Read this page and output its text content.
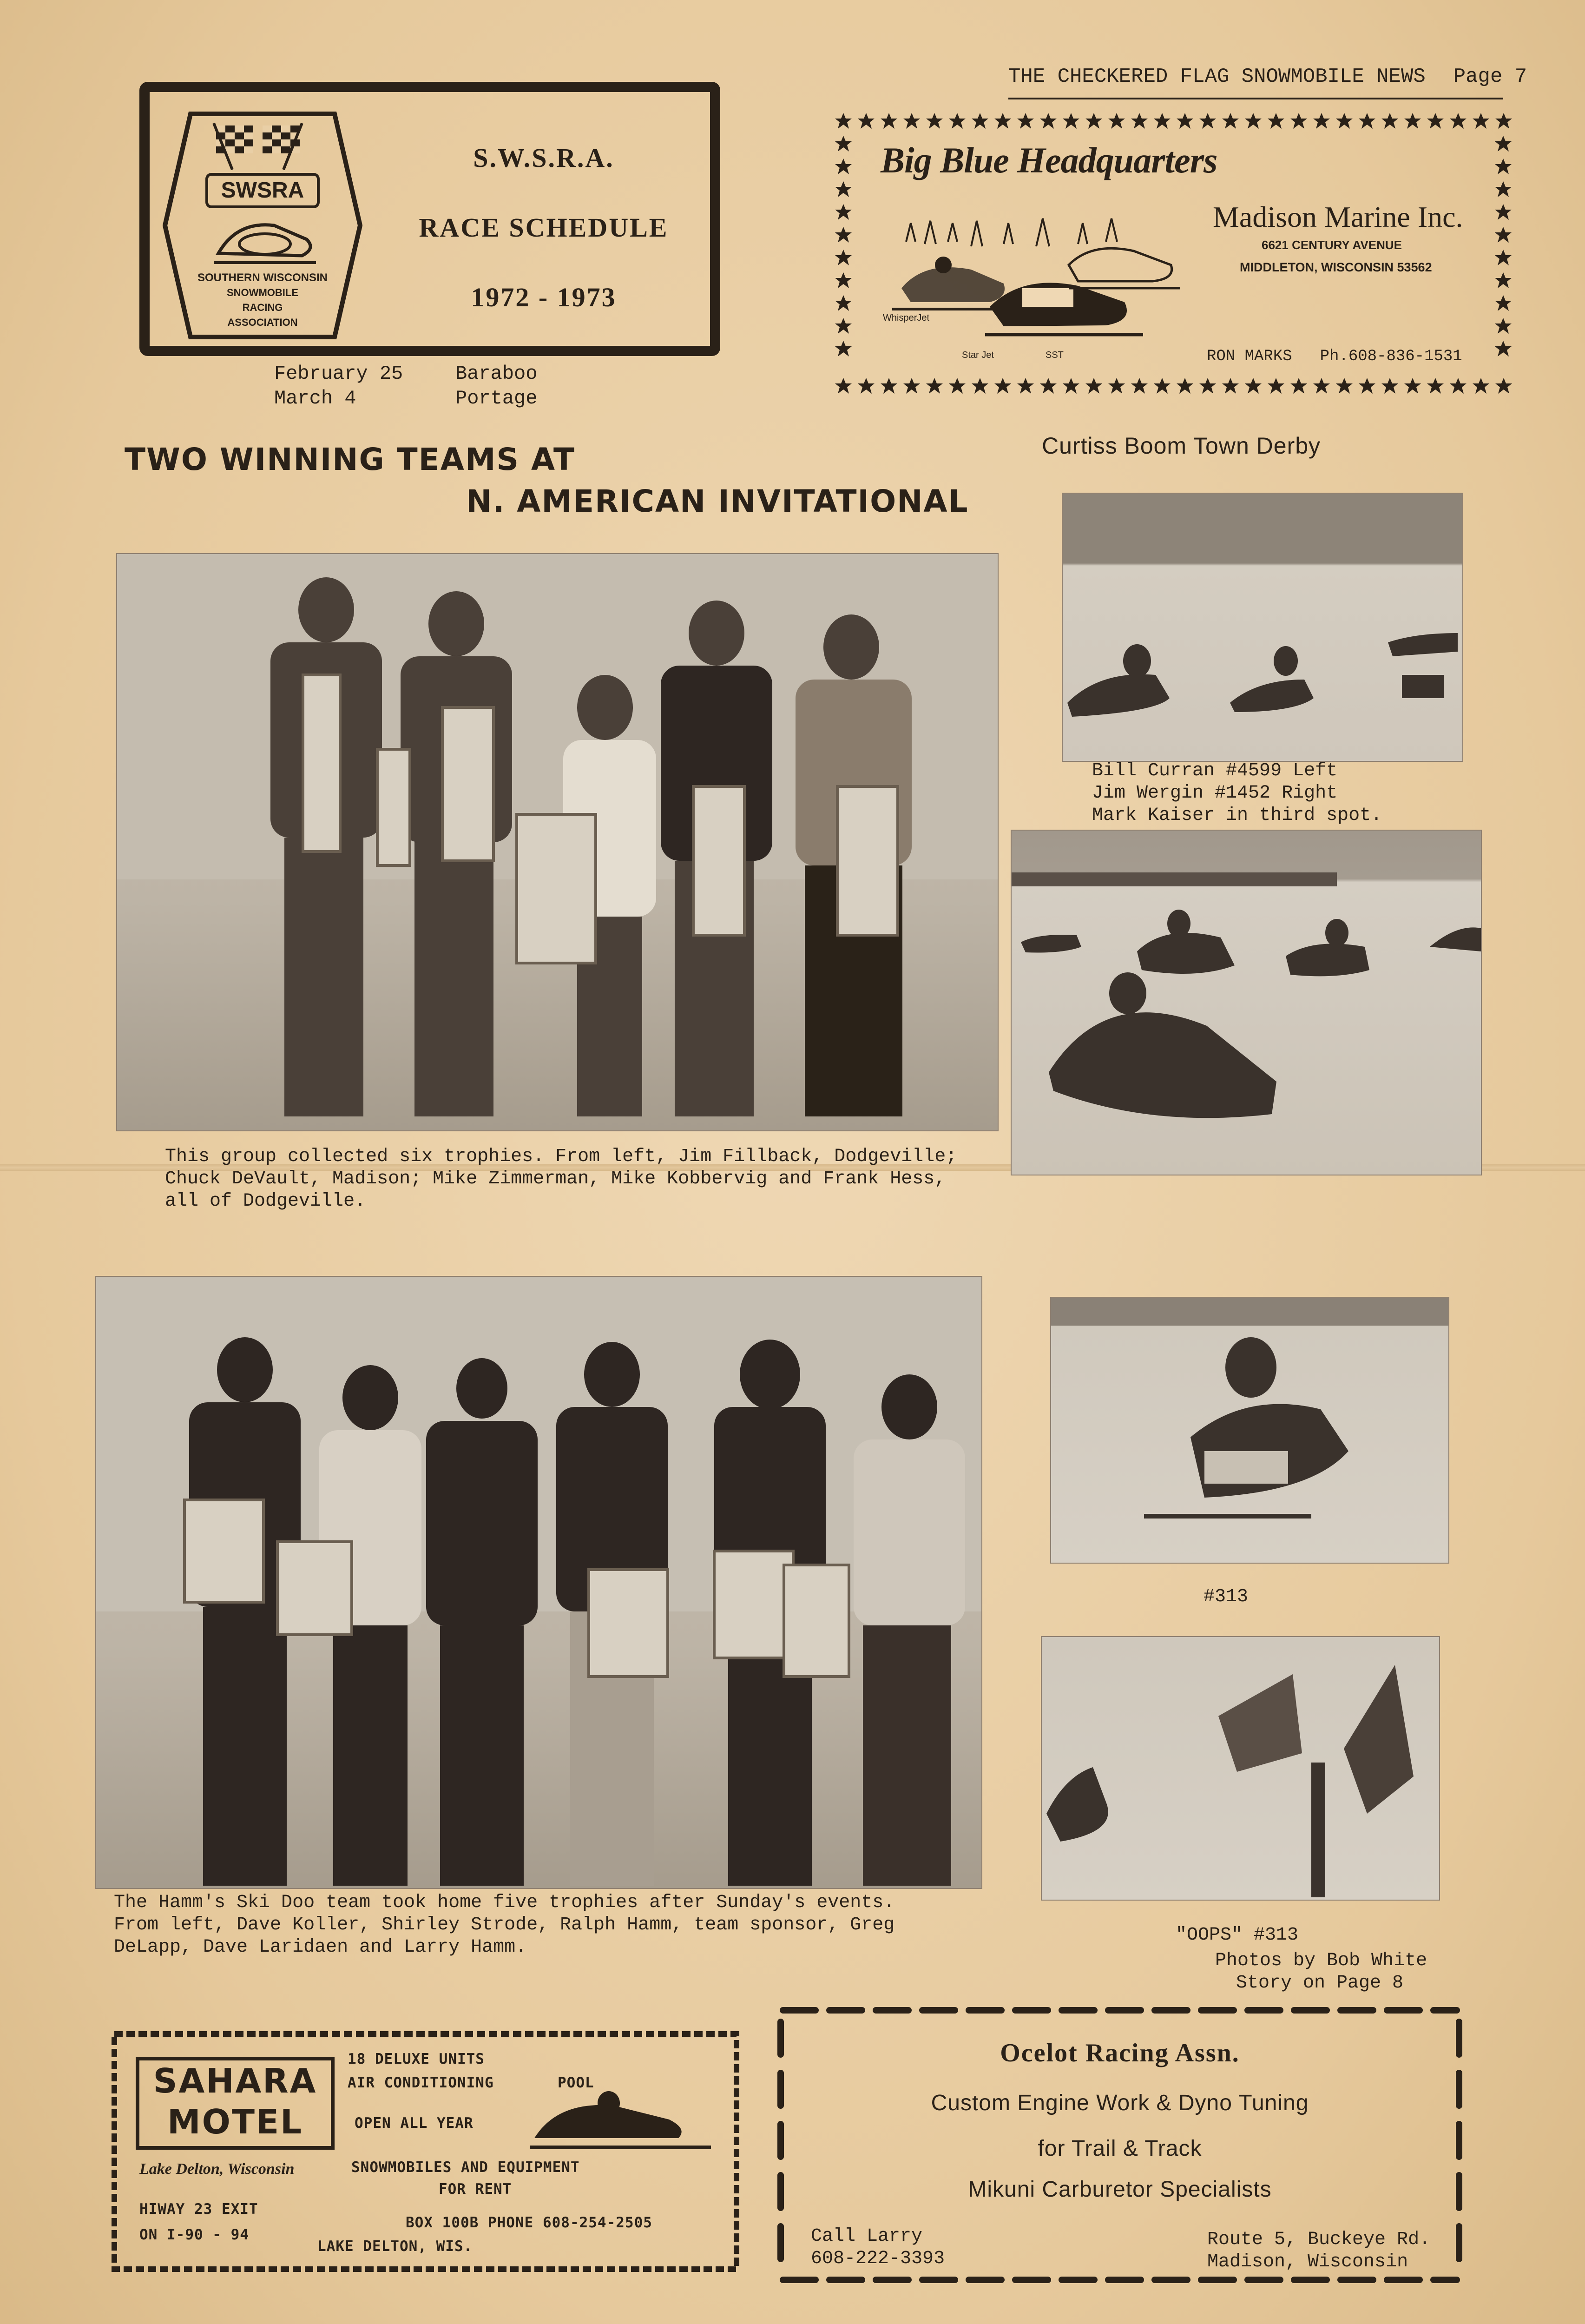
THE CHECKERED FLAG SNOWMOBILE NEWS Page 7
SWSRA
SOUTHERN WISCONSIN
SNOWMOBILE
RACING
ASSOCIATION
S.W.S.R.A.
RACE SCHEDULE
1972 - 1973
February 25	Baraboo
March 4	Portage
Big Blue Headquarters
WhisperJet
Star Jet	SST
Madison Marine Inc.
6621 CENTURY AVENUE
MIDDLETON, WISCONSIN 53562
RON MARKS Ph.608-836-1531
TWO WINNING TEAMS AT
N. AMERICAN INVITATIONAL
Curtiss Boom Town Derby
This group collected six trophies. From left, Jim Fillback, Dodgeville;
Chuck DeVault, Madison; Mike Zimmerman, Mike Kobbervig and Frank Hess,
all of Dodgeville.
Bill Curran #4599 Left
Jim Wergin #1452 Right
Mark Kaiser in third spot.
The Hamm's Ski Doo team took home five trophies after Sunday's events.
From left, Dave Koller, Shirley Strode, Ralph Hamm, team sponsor, Greg
DeLapp, Dave Laridaen and Larry Hamm.
#313
"OOPS" #313
Photos by Bob White
Story on Page 8
SAHARA
MOTEL
Lake Delton, Wisconsin
HIWAY 23 EXIT
ON I-90 - 94
18 DELUXE UNITS
AIR CONDITIONING	POOL
OPEN ALL YEAR
SNOWMOBILES AND EQUIPMENT
FOR RENT
BOX 100B PHONE 608-254-2505
LAKE DELTON, WIS.
Ocelot Racing Assn.
Custom Engine Work & Dyno Tuning
for Trail & Track
Mikuni Carburetor Specialists
Call Larry
608-222-3393
Route 5, Buckeye Rd.
Madison, Wisconsin
